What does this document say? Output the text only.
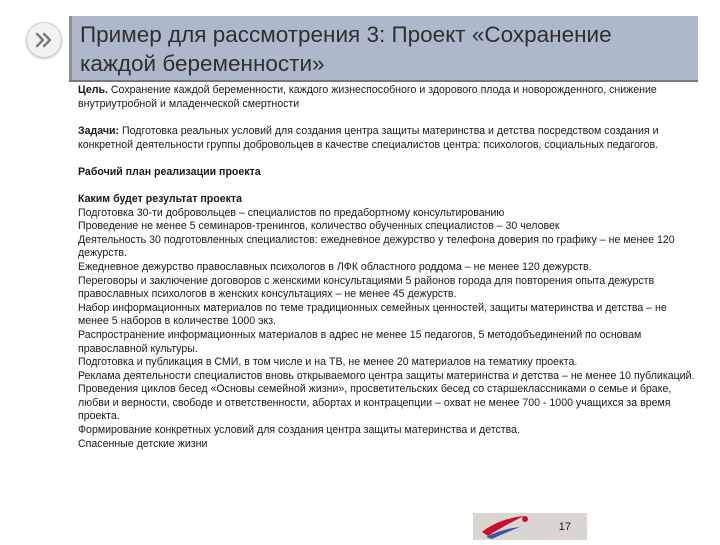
Пример для рассмотрения 3: Проект «Сохранение каждой беременности»

Цель. Сохранение каждой беременности, каждого жизнеспособного и здорового плода и новорожденного, снижение внутриутробной и младенческой смертности

Задачи: Подготовка реальных условий для создания центра защиты материнства и детства посредством создания и конкретной деятельности группы добровольцев в качестве специалистов центра: психологов, социальных педагогов.

Рабочий план реализации проекта

Каким будет результат проекта

Подготовка 30-ти добровольцев – специалистов по предабортному консультированию

Проведение не менее 5 семинаров-тренингов, количество обученных специалистов – 30 человек

Деятельность 30 подготовленных специалистов: ежедневное дежурство у телефона доверия по графику – не менее 120 дежурств.

Ежедневное дежурство православных психологов в ЛФК областного роддома – не менее 120 дежурств.

Переговоры и заключение договоров с женскими консультациями 5 районов города для повторения опыта дежурств православных психологов в женских консультациях – не менее 45 дежурств.

Набор информационных материалов по теме традиционных семейных ценностей, защиты материнства и детства – не менее 5 наборов в количестве 1000 экз.

Распространение информационных материалов в адрес не менее 15 педагогов, 5 методобъединений по основам православной культуры.

Подготовка и публикация в СМИ, в том числе и на ТВ, не менее 20 материалов на тематику проекта.

Реклама деятельности специалистов вновь открываемого центра защиты материнства и детства – не менее 10 публикаций.

Проведения циклов бесед «Основы семейной жизни», просветительских бесед со старшеклассниками о семье и браке, любви и верности, свободе и ответственности, абортах и контрацепции – охват не менее 700 - 1000 учащихся за время проекта.

Формирование конкретных условий для создания центра защиты материнства и детства.

Спасенные детские жизни

17
